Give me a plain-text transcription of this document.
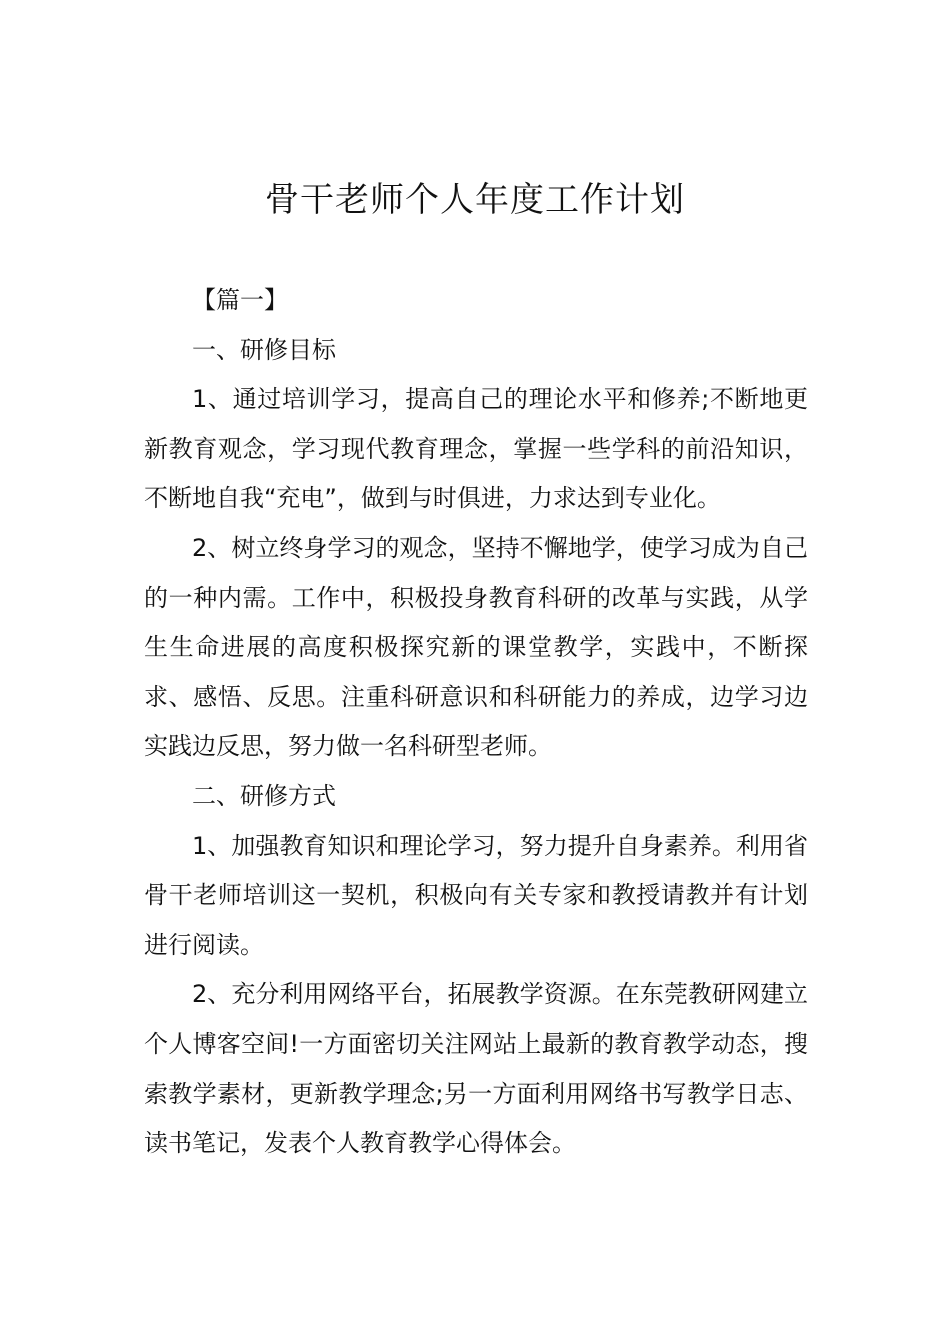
骨干老师个人年度工作计划

【篇一】

一、研修目标

1、通过培训学习，提高自己的理论水平和修养;不断地更新教育观念，学习现代教育理念，掌握一些学科的前沿知识，不断地自我“充电”，做到与时俱进，力求达到专业化。

2、树立终身学习的观念，坚持不懈地学，使学习成为自己的一种内需。工作中，积极投身教育科研的改革与实践，从学生生命进展的高度积极探究新的课堂教学，实践中，不断探求、感悟、反思。注重科研意识和科研能力的养成，边学习边实践边反思，努力做一名科研型老师。

二、研修方式

1、加强教育知识和理论学习，努力提升自身素养。利用省骨干老师培训这一契机，积极向有关专家和教授请教并有计划进行阅读。

2、充分利用网络平台，拓展教学资源。在东莞教研网建立个人博客空间!一方面密切关注网站上最新的教育教学动态，搜索教学素材，更新教学理念;另一方面利用网络书写教学日志、读书笔记，发表个人教育教学心得体会。
